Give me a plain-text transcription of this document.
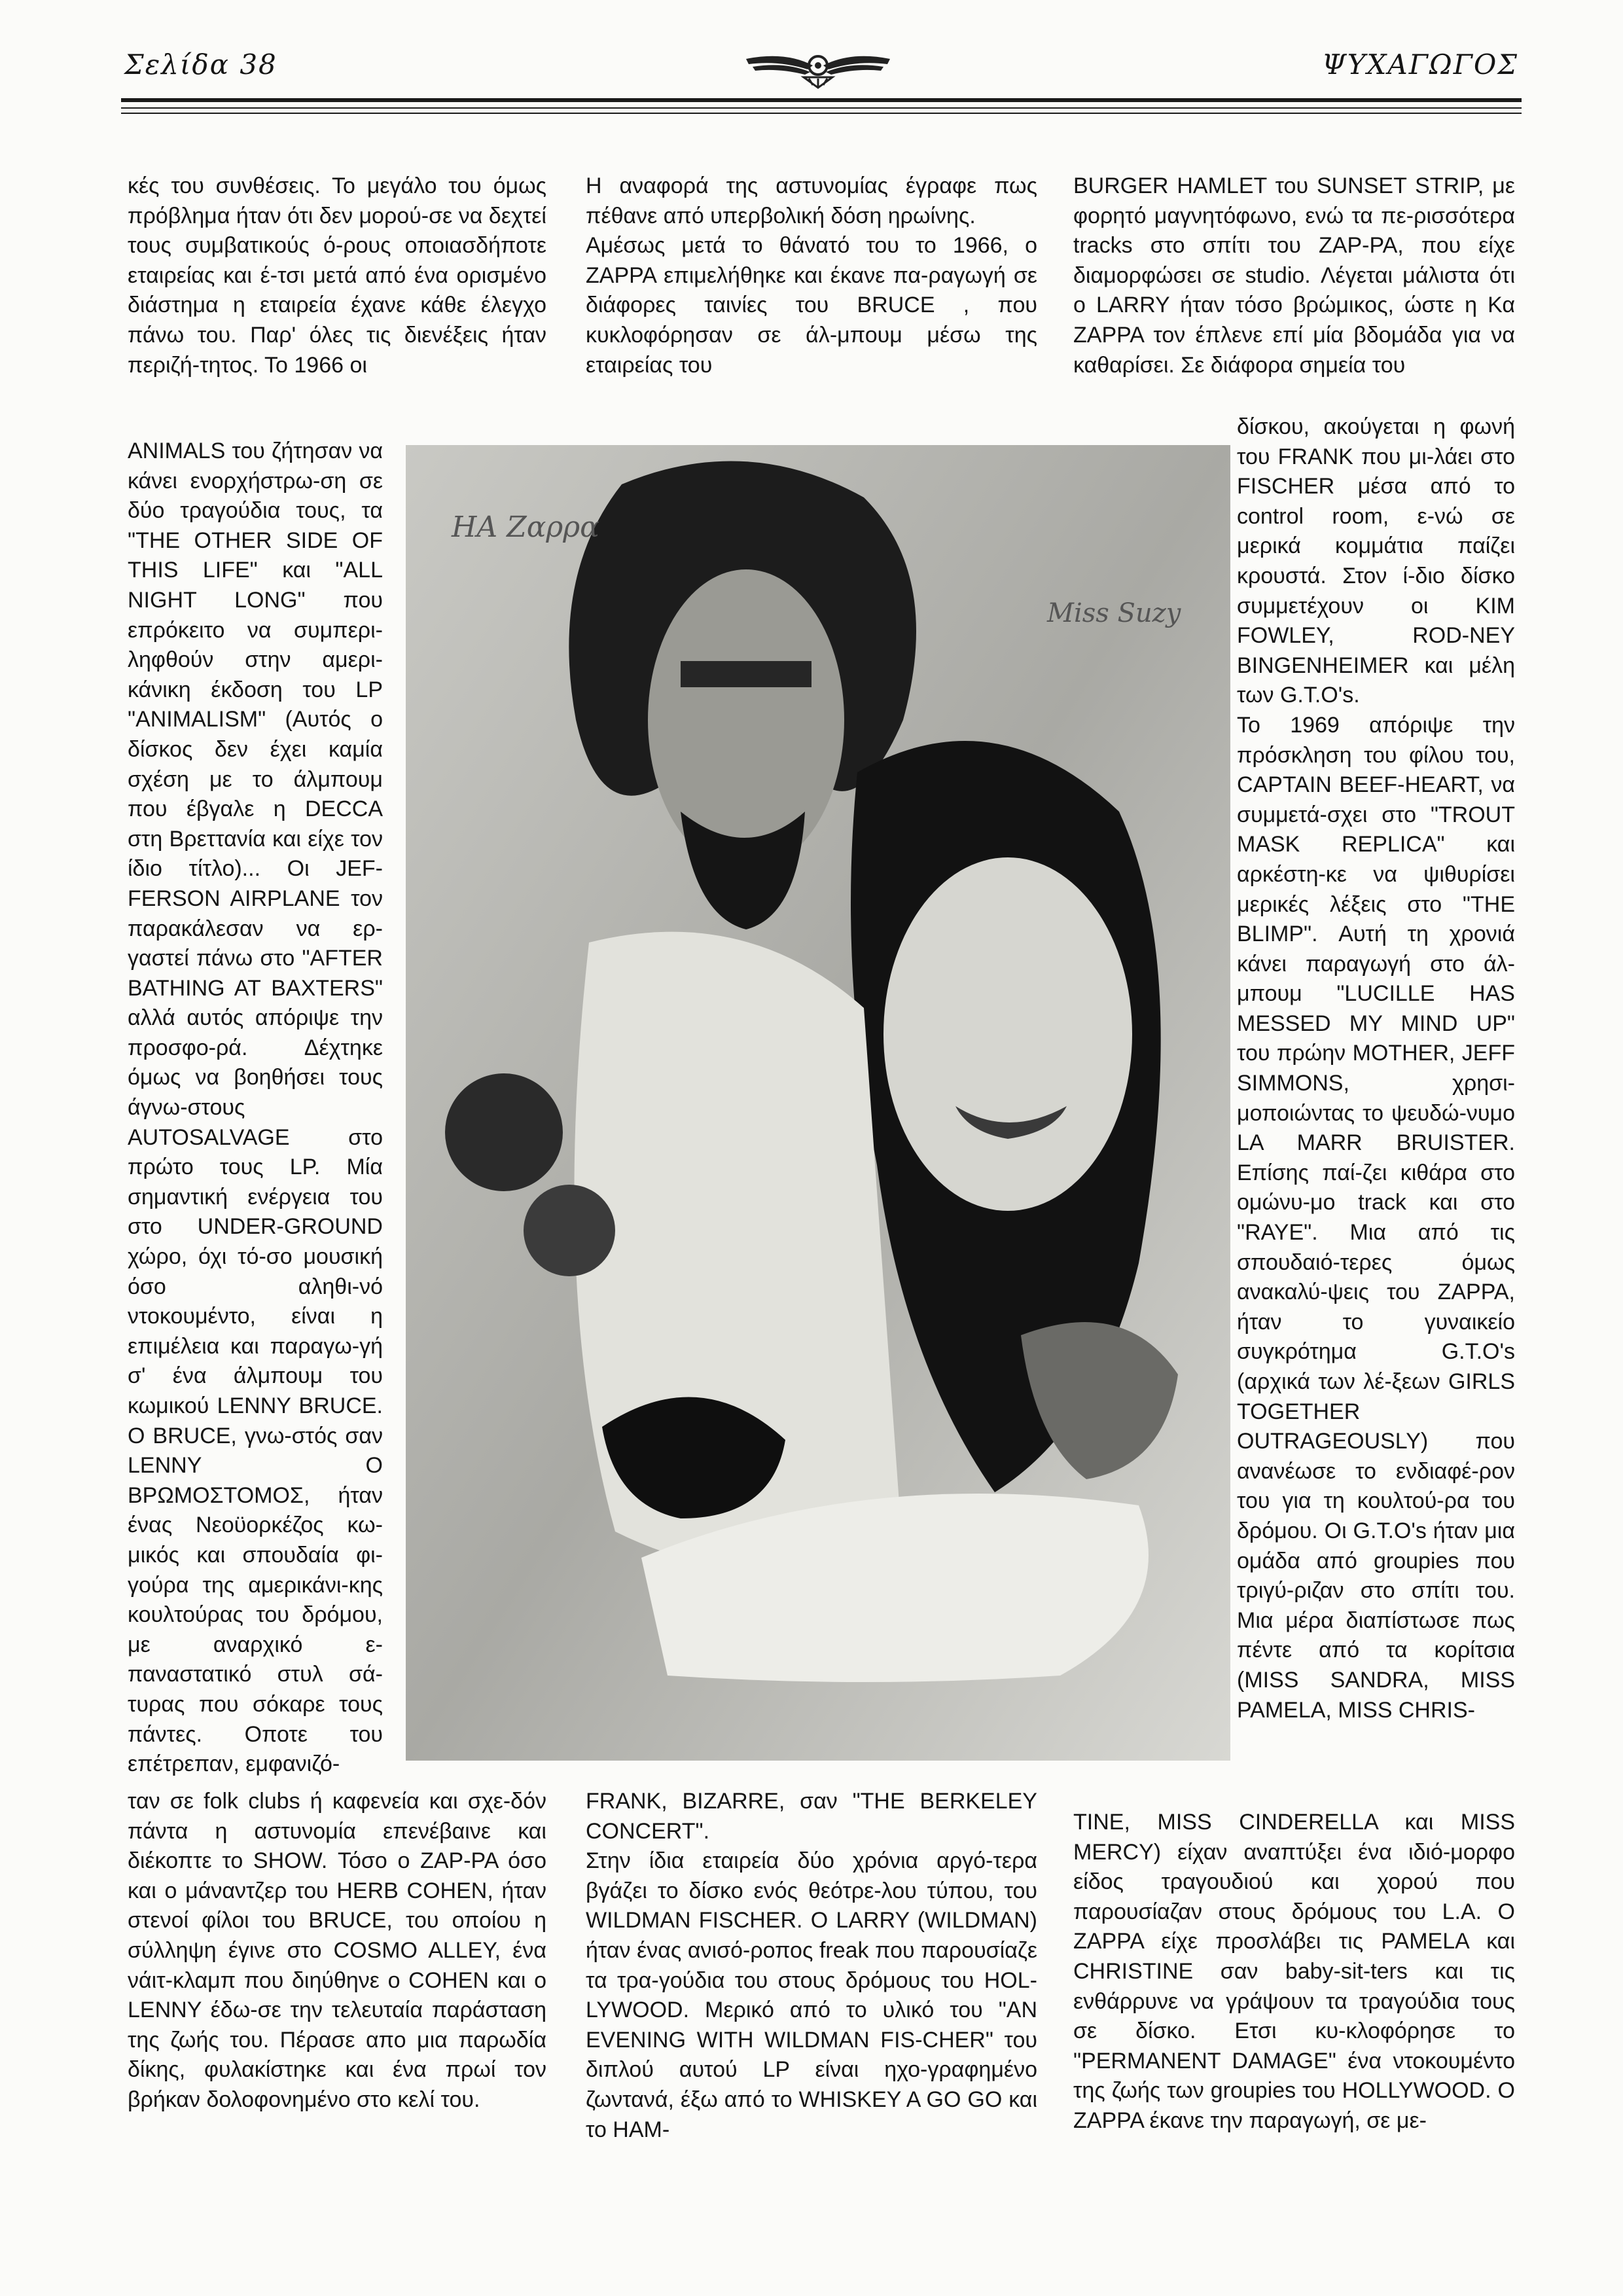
Σελίδα 38	ΨΥΧΑΓΩΓΟΣ

κές του συνθέσεις. Το μεγάλο του όμως πρόβλημα ήταν ότι δεν μορού-σε να δεχτεί τους συμβατικούς ό-ρους οποιασδήποτε εταιρείας και έ-τσι μετά από ένα ορισμένο διάστημα η εταιρεία έχανε κάθε έλεγχο πάνω του. Παρ' όλες τις διενέξεις ήταν περιζή-τητος. Το 1966 οι

ANIMALS του ζήτησαν να κάνει ενορχήστρω-ση σε δύο τραγούδια τους, τα "THE OTHER SIDE OF THIS LIFE" και "ALL NIGHT LONG" που επρόκειτο να συμπερι-ληφθούν στην αμερι-κάνικη έκδοση του LP "ANIMALISM" (Αυτός ο δίσκος δεν έχει καμία σχέση με το άλμπουμ που έβγαλε η DECCA στη Βρεττανία και είχε τον ίδιο τίτλο)... Οι JEF-FERSON AIRPLANE τον παρακάλεσαν να ερ-γαστεί πάνω στο "AFTER BATHING AT BAXTERS" αλλά αυτός απόριψε την προσφο-ρά. Δέχτηκε όμως να βοηθήσει τους άγνω-στους AUTOSALVAGE στο πρώτο τους LP. Μία σημαντική ενέργεια του στο UNDER-GROUND χώρο, όχι τό-σο μουσική όσο αληθι-νό ντοκουμέντο, είναι η επιμέλεια και παραγω-γή σ' ένα άλμπουμ του κωμικού LENNY BRUCE. Ο BRUCE, γνω-στός σαν LENNY Ο ΒΡΩΜΟΣΤΟΜΟΣ, ήταν ένας Νεοϋορκέζος κω-μικός και σπουδαία φι-γούρα της αμερικάνι-κης κουλτούρας του δρόμου, με αναρχικό ε-παναστατικό στυλ σά-τυρας που σόκαρε τους πάντες. Οποτε του επέτρεπαν, εμφανιζό-

ταν σε folk clubs ή καφενεία και σχε-δόν πάντα η αστυνομία επενέβαινε και διέκοπτε το SHOW. Τόσο ο ΖΑΡ-ΡΑ όσο και ο μάναντζερ του HERB COHEN, ήταν στενοί φίλοι του BRUCE, του οποίου η σύλληψη έγινε στο COSMO ALLEY, ένα νάιτ-κλαμπ που διηύθηνε ο COHEN και ο LENNY έδω-σε την τελευταία παράσταση της ζωής του. Πέρασε απο μια παρωδία δίκης, φυλακίστηκε και ένα πρωί τον βρήκαν δολοφονημένο στο κελί του.

Η αναφορά της αστυνομίας έγραφε πως πέθανε από υπερβολική δόση ηρωίνης.

Αμέσως μετά το θάνατό του το 1966, ο ΖΑΡΡΑ επιμελήθηκε και έκανε πα-ραγωγή σε διάφορες ταινίες του BRUCE , που κυκλοφόρησαν σε άλ-μπουμ μέσω της εταιρείας του

FRANK, BIZARRE, σαν "THE BERKELEY CONCERT".

Στην ίδια εταιρεία δύο χρόνια αργό-τερα βγάζει το δίσκο ενός θεότρε-λου τύπου, του WILDMAN FISCHER. Ο LARRY (WILDMAN) ήταν ένας ανισό-ροπος freak που παρουσίαζε τα τρα-γούδια του στους δρόμους του HOL-LYWOOD. Μερικό από το υλικό του "AN EVENING WITH WILDMAN FIS-CHER" του διπλού αυτού LP είναι ηχο-γραφημένο ζωντανά, έξω από το WHISKEY A GO GO και το HAM-

BURGER HAMLET του SUNSET STRIP, με φορητό μαγνητόφωνο, ενώ τα πε-ρισσότερα tracks στο σπίτι του ZAP-PA, που είχε διαμορφώσει σε studio. Λέγεται μάλιστα ότι ο LARRY ήταν τόσο βρώμικος, ώστε η Κα ΖΑΡΡΑ τον έπλενε επί μία βδομάδα για να καθαρίσει. Σε διάφορα σημεία του

δίσκου, ακούγεται η φωνή του FRANK που μι-λάει στο FISCHER μέσα από το control room, ε-νώ σε μερικά κομμάτια παίζει κρουστά. Στον ί-διο δίσκο συμμετέχουν οι KIM FOWLEY, ROD-NEY BINGENHEIMER και μέλη των G.T.O's.

Το 1969 απόριψε την πρόσκληση του φίλου του, CAPTAIN BEEF-HEART, να συμμετά-σχει στο "TROUT MASK REPLICA" και αρκέστη-κε να ψιθυρίσει μερικές λέξεις στο "THE BLIMP". Αυτή τη χρονιά κάνει παραγωγή στο άλ-μπουμ "LUCILLE HAS MESSED MY MIND UP" του πρώην MOTHER, JEFF SIMMONS, χρησι-μοποιώντας το ψευδώ-νυμο LA MARR BRUISTER. Επίσης παί-ζει κιθάρα στο ομώνυ-μο track και στο "RAYE". Μια από τις σπουδαιό-τερες όμως ανακαλύ-ψεις του ΖΑΡΡΑ, ήταν το γυναικείο συγκρότημα G.T.O's (αρχικά των λέ-ξεων GIRLS TOGETHER OUTRAGEOUSLY) που ανανέωσε το ενδιαφέ-ρον του για τη κουλτού-ρα του δρόμου. Οι G.T.O's ήταν μια ομάδα από groupies που τριγύ-ριζαν στο σπίτι του. Μια μέρα διαπίστωσε πως πέντε από τα κορίτσια (MISS SANDRA, MISS PAMELA, MISS CHRIS-

TINE, MISS CINDERELLA και MISS MERCY) είχαν αναπτύξει ένα ιδιό-μορφο είδος τραγουδιού και χορού που παρουσίαζαν στους δρόμους του L.A. Ο ΖΑΡΡΑ είχε προσλάβει τις PAMELA και CHRISTINE σαν baby-sit-ters και τις ενθάρρυνε να γράψουν τα τραγούδια τους σε δίσκο. Ετσι κυ-κλοφόρησε το "PERMANENT DAMAGE" ένα ντοκουμέντο της ζωής των groupies του HOLLYWOOD. Ο ΖΑΡΡΑ έκανε την παραγωγή, σε με-

ΗΑ Ζαρρα
Miss Suzy
